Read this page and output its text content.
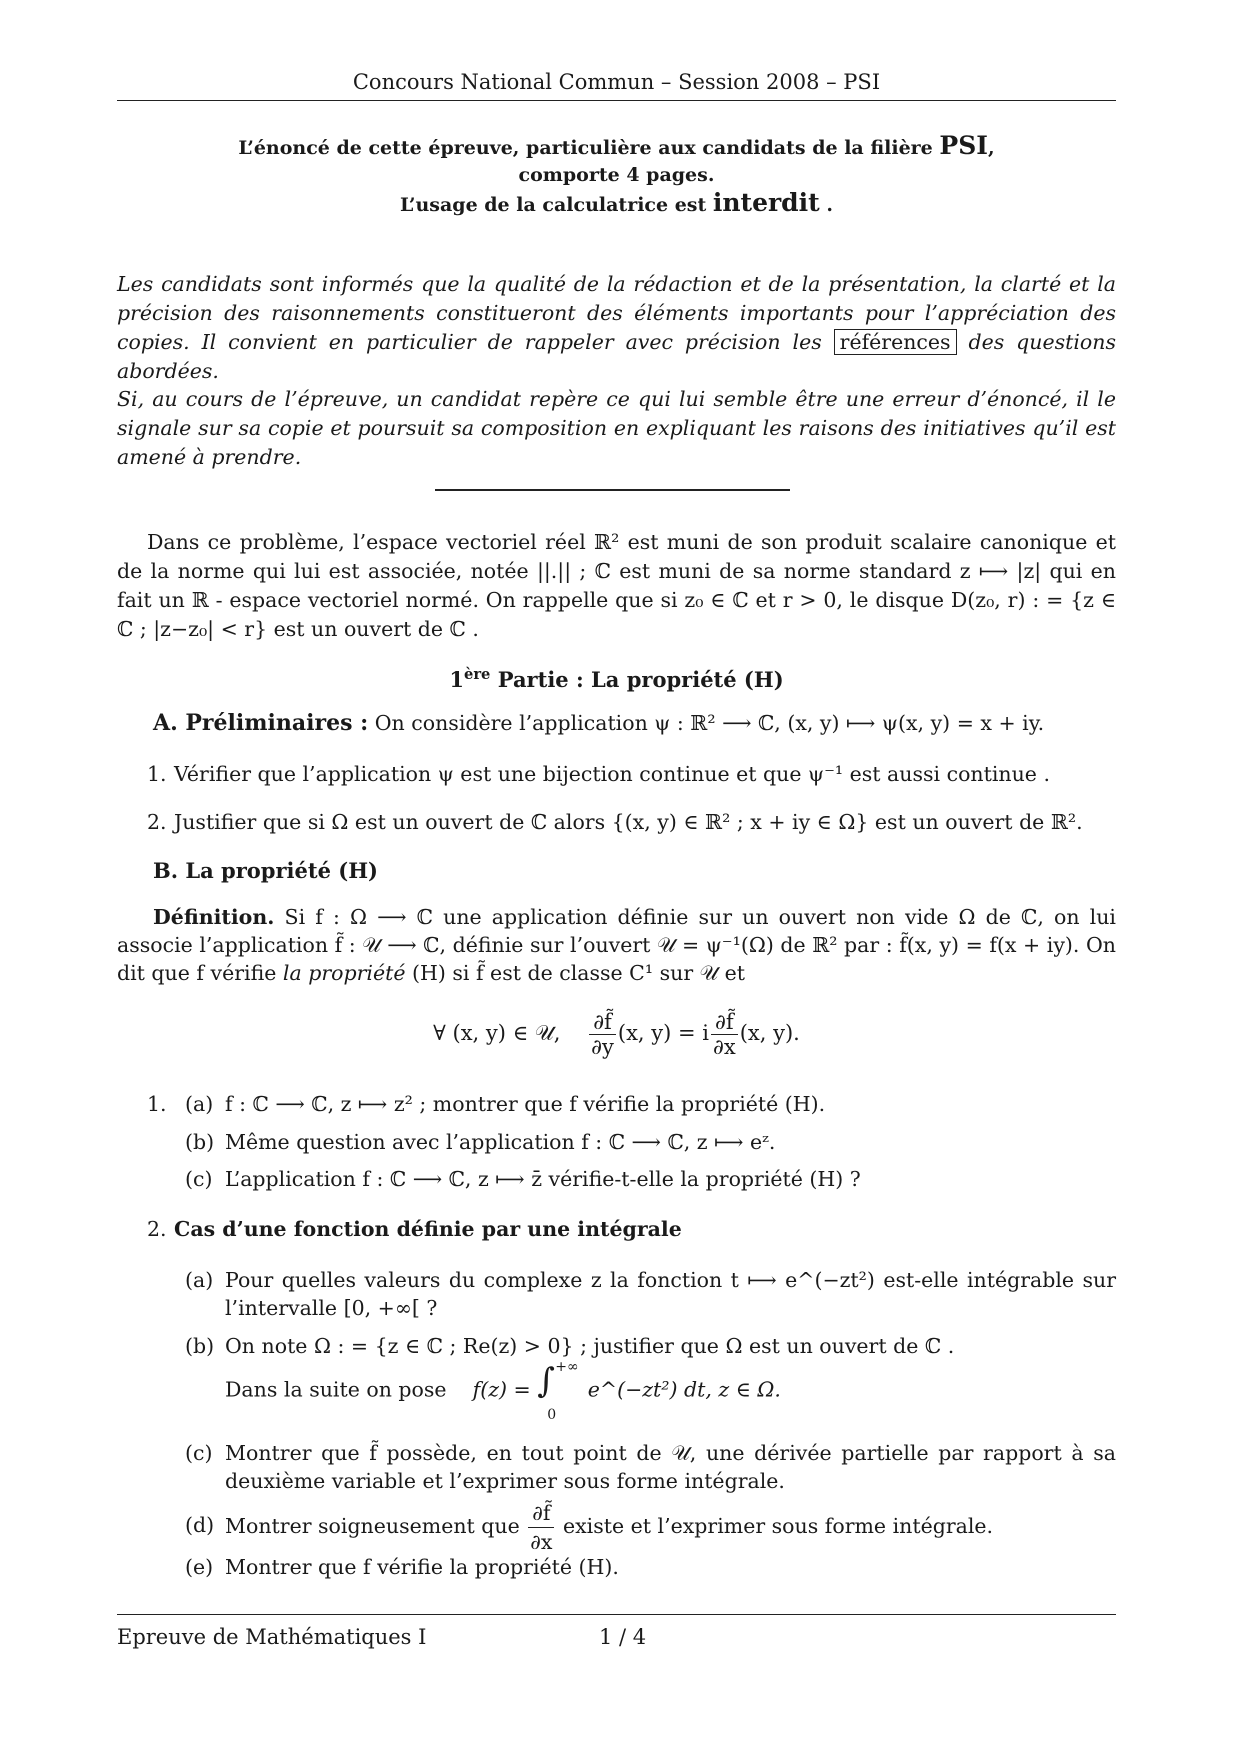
Concours National Commun – Session 2008 – PSI
L’énoncé de cette épreuve, particulière aux candidats de la filière PSI,
comporte 4 pages.
L’usage de la calculatrice est interdit .

Les candidats sont informés que la qualité de la rédaction et de la présentation, la clarté et la précision des raisonnements constitueront des éléments importants pour l’appréciation des copies. Il convient en particulier de rappeler avec précision les références des questions abordées.

Si, au cours de l’épreuve, un candidat repère ce qui lui semble être une erreur d’énoncé, il le signale sur sa copie et poursuit sa composition en expliquant les raisons des initiatives qu’il est amené à prendre.

Dans ce problème, l’espace vectoriel réel ℝ² est muni de son produit scalaire canonique et de la norme qui lui est associée, notée ||.|| ; ℂ est muni de sa norme standard z ⟼ |z| qui en fait un ℝ - espace vectoriel normé. On rappelle que si z₀ ∈ ℂ et r > 0, le disque D(z₀, r) : = {z ∈ ℂ ; |z−z₀| < r} est un ouvert de ℂ .

1ère Partie : La propriété (H)
A. Préliminaires : On considère l’application ψ : ℝ² ⟶ ℂ, (x, y) ⟼ ψ(x, y) = x + iy.
1. Vérifier que l’application ψ est une bijection continue et que ψ⁻¹ est aussi continue .
2. Justifier que si Ω est un ouvert de ℂ alors {(x, y) ∈ ℝ² ; x + iy ∈ Ω} est un ouvert de ℝ².
B. La propriété (H)

Définition. Si f : Ω ⟶ ℂ une application définie sur un ouvert non vide Ω de ℂ, on lui associe l’application f̃ : 𝒰 ⟶ ℂ, définie sur l’ouvert 𝒰 = ψ⁻¹(Ω) de ℝ² par : f̃(x, y) = f(x + iy). On dit que f vérifie la propriété (H) si f̃ est de classe C¹ sur 𝒰 et

∀ (x, y) ∈ 𝒰, $\frac{\partial f̃}{\partial y} (x$, y) = i $\frac{\partial f̃}{\partial x} (x$, y).
1. (a) f : ℂ ⟶ ℂ, z ⟼ z² ; montrer que f vérifie la propriété (H).
(b) Même question avec l’application f : ℂ ⟶ ℂ, z ⟼ eᶻ.
(c) L’application f : ℂ ⟶ ℂ, z ⟼ z̄ vérifie-t-elle la propriété (H) ?
2. Cas d’une fonction définie par une intégrale
(a) Pour quelles valeurs du complexe z la fonction t ⟼ e^(−zt²) est-elle intégrable sur l’intervalle [0, +∞[ ?
(b) On note Ω : = {z ∈ ℂ ; Re(z) > 0} ; justifier que Ω est un ouvert de ℂ .
Dans la suite on pose f(z) = ∫ +∞
0
e^(−zt²) dt, z ∈ Ω.
(c) Montrer que f̃ possède, en tout point de 𝒰, une dérivée partielle par rapport à sa deuxième variable et l’exprimer sous forme intégrale.
(d) Montrer soigneusement que $\frac{\partial f̃}{\partial x}$ existe et l’exprimer sous forme intégrale.
(e) Montrer que f vérifie la propriété (H).
Epreuve de Mathématiques I	1 / 4
